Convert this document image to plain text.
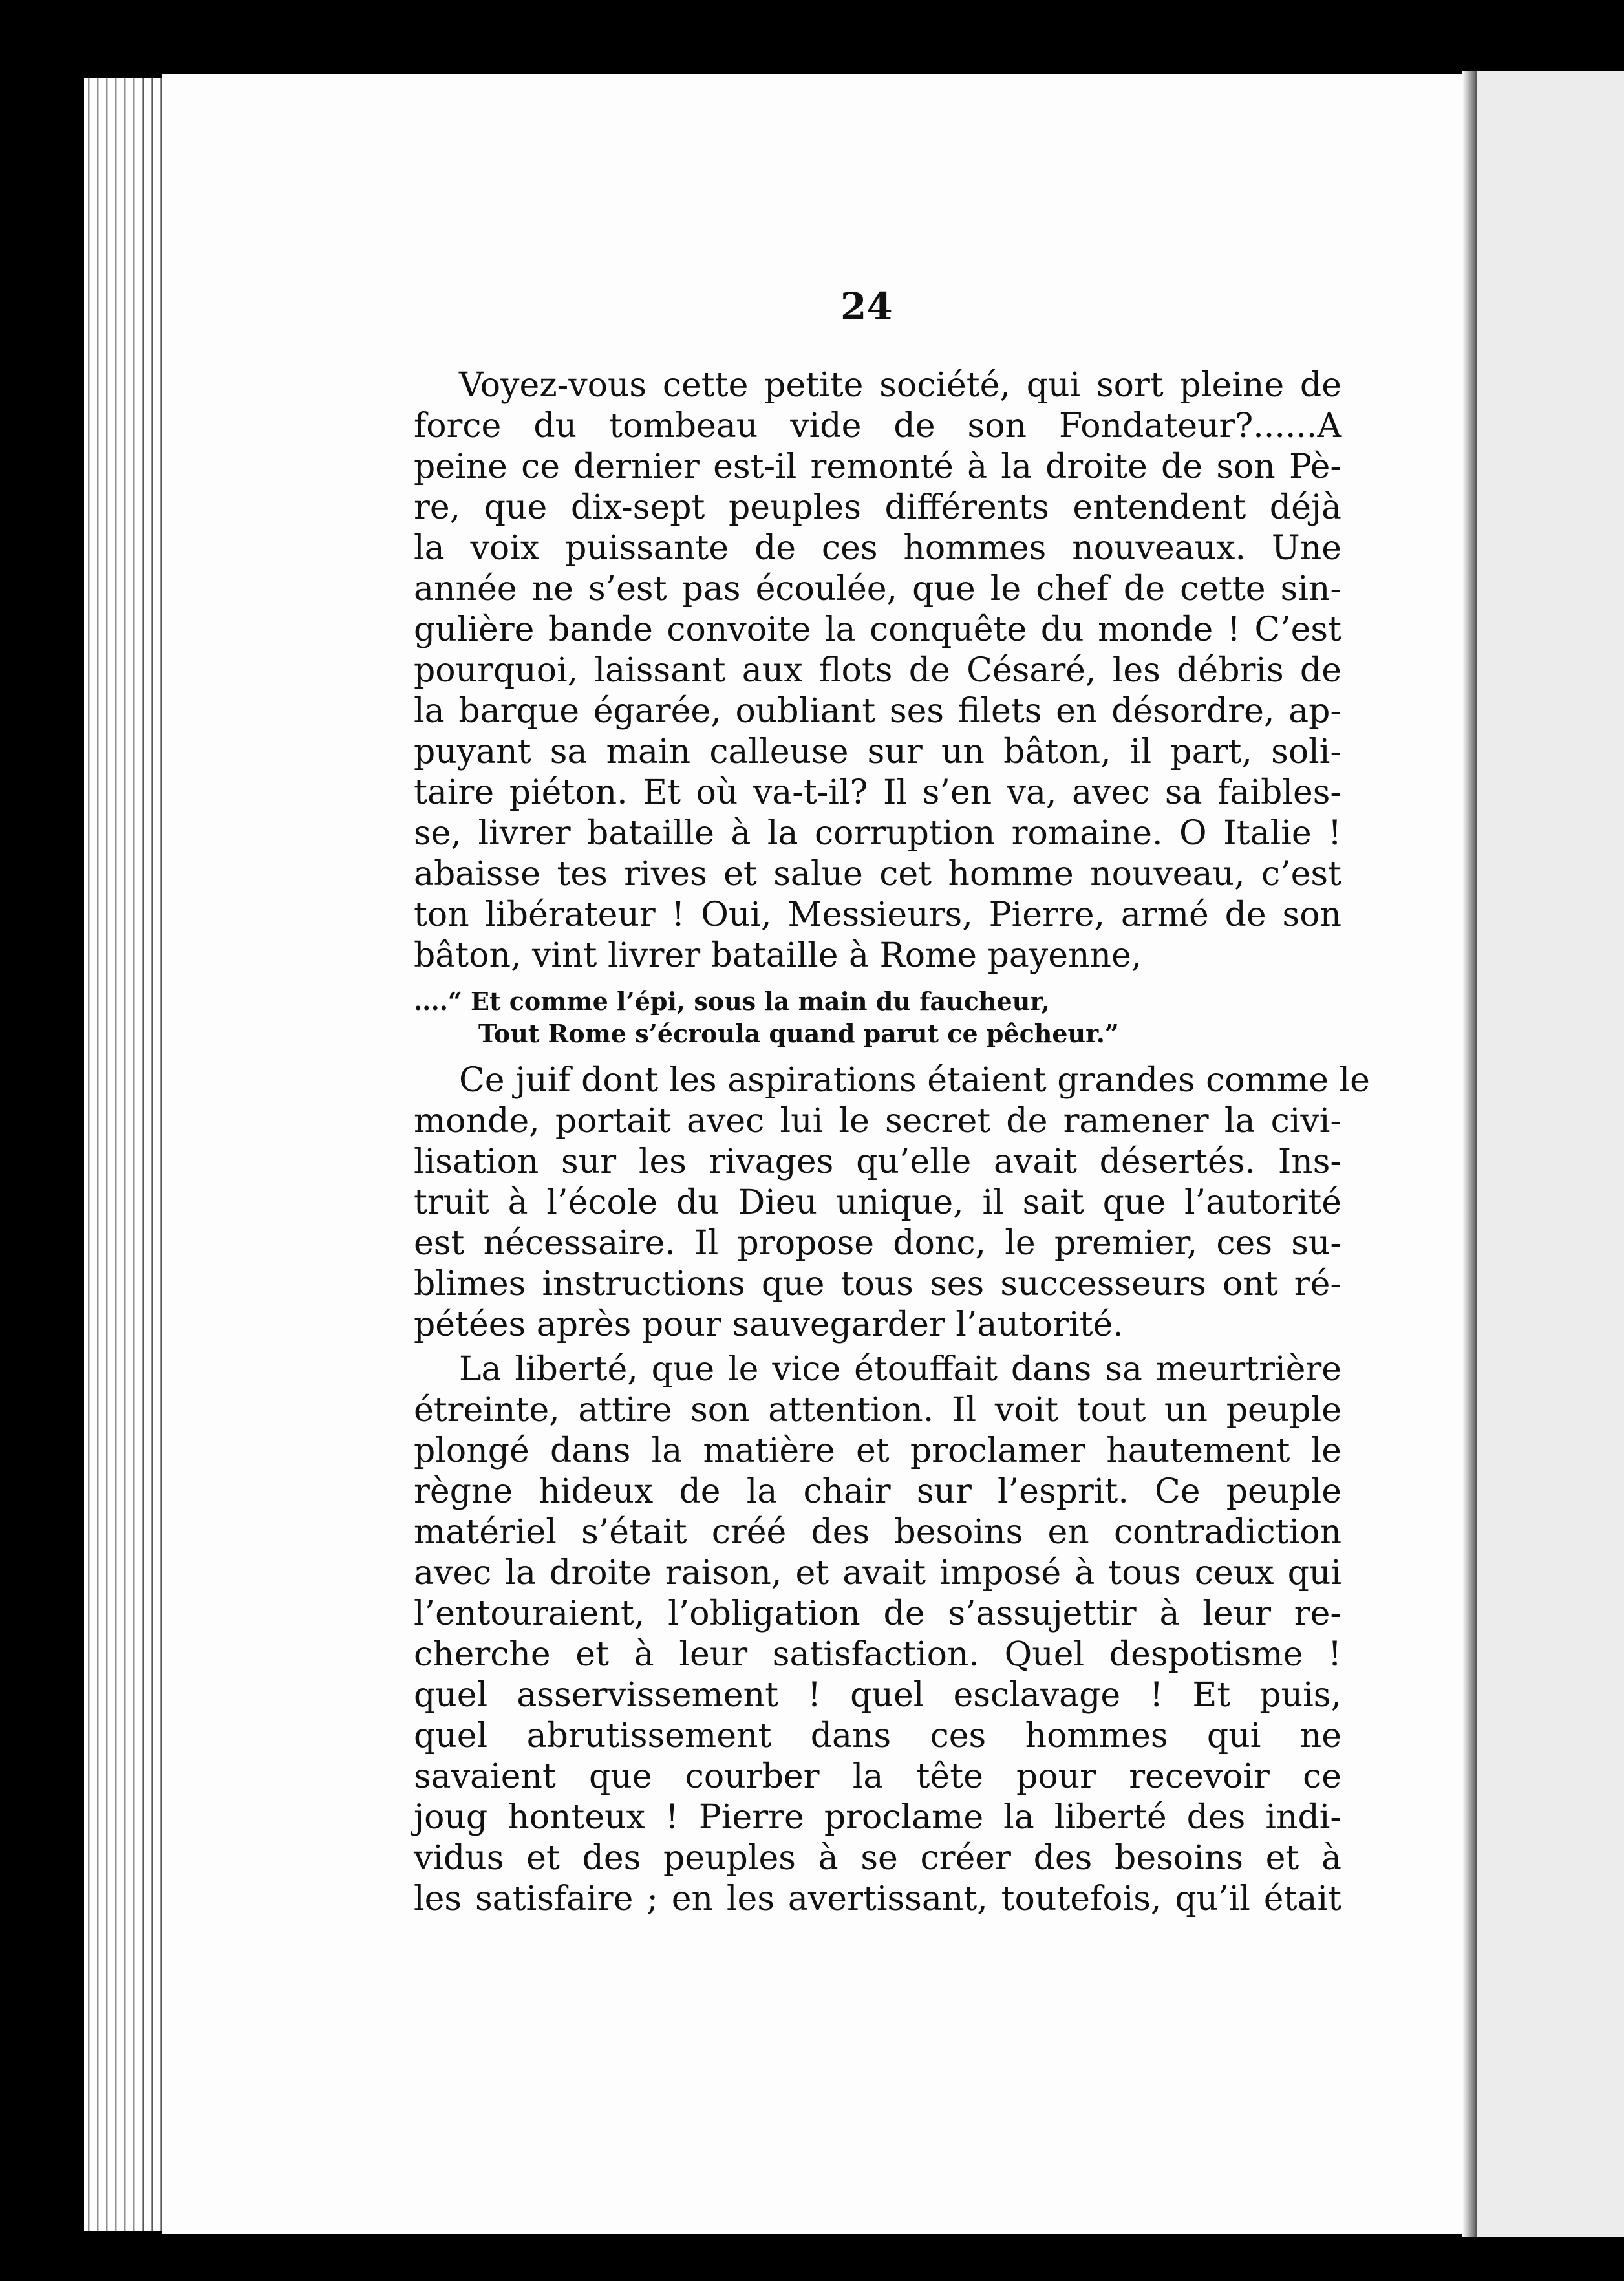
24
Voyez-vous cette petite société, qui sort pleine de
force du tombeau vide de son Fondateur?......A
peine ce dernier est-il remonté à la droite de son Pè-
re, que dix-sept peuples différents entendent déjà
la voix puissante de ces hommes nouveaux. Une
année ne s’est pas écoulée, que le chef de cette sin-
gulière bande convoite la conquête du monde ! C’est
pourquoi, laissant aux flots de Césaré, les débris de
la barque égarée, oubliant ses filets en désordre, ap-
puyant sa main calleuse sur un bâton, il part, soli-
taire piéton. Et où va-t-il? Il s’en va, avec sa faibles-
se, livrer bataille à la corruption romaine. O Italie !
abaisse tes rives et salue cet homme nouveau, c’est
ton libérateur ! Oui, Messieurs, Pierre, armé de son
bâton, vint livrer bataille à Rome payenne,
....“ Et comme l’épi, sous la main du faucheur,
Tout Rome s’écroula quand parut ce pêcheur.”
Ce juif dont les aspirations étaient grandes comme le
monde, portait avec lui le secret de ramener la civi-
lisation sur les rivages qu’elle avait désertés. Ins-
truit à l’école du Dieu unique, il sait que l’autorité
est nécessaire. Il propose donc, le premier, ces su-
blimes instructions que tous ses successeurs ont ré-
pétées après pour sauvegarder l’autorité.
La liberté, que le vice étouffait dans sa meurtrière
étreinte, attire son attention. Il voit tout un peuple
plongé dans la matière et proclamer hautement le
règne hideux de la chair sur l’esprit. Ce peuple
matériel s’était créé des besoins en contradiction
avec la droite raison, et avait imposé à tous ceux qui
l’entouraient, l’obligation de s’assujettir à leur re-
cherche et à leur satisfaction. Quel despotisme !
quel asservissement ! quel esclavage ! Et puis,
quel abrutissement dans ces hommes qui ne
savaient que courber la tête pour recevoir ce
joug honteux ! Pierre proclame la liberté des indi-
vidus et des peuples à se créer des besoins et à
les satisfaire ; en les avertissant, toutefois, qu’il était
